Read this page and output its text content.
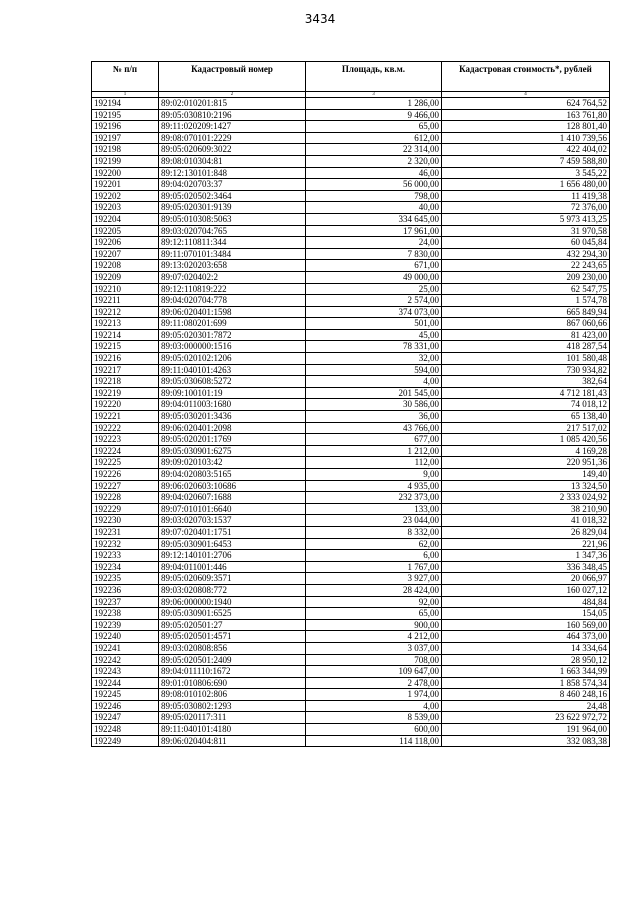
3434
№ п/п	Кадастровый номер	Площадь, кв.м.	Кадастровая стоимость*, рублей
1	2	3	4
192194	89:02:010201:815	1 286,00	624 764,52
192195	89:05:030810:2196	9 466,00	163 761,80
192196	89:11:020209:1427	65,00	128 801,40
192197	89:08:070101:2229	612,00	1 410 739,56
192198	89:05:020609:3022	22 314,00	422 404,02
192199	89:08:010304:81	2 320,00	7 459 588,80
192200	89:12:130101:848	46,00	3 545,22
192201	89:04:020703:37	56 000,00	1 656 480,00
192202	89:05:020502:3464	798,00	11 419,38
192203	89:05:020301:9139	40,00	72 376,00
192204	89:05:010308:5063	334 645,00	5 973 413,25
192205	89:03:020704:765	17 961,00	31 970,58
192206	89:12:110811:344	24,00	60 045,84
192207	89:11:070101:3484	7 830,00	432 294,30
192208	89:13:020203:658	671,00	22 243,65
192209	89:07:020402:2	49 000,00	209 230,00
192210	89:12:110819:222	25,00	62 547,75
192211	89:04:020704:778	2 574,00	1 574,78
192212	89:06:020401:1598	374 073,00	665 849,94
192213	89:11:080201:699	501,00	867 060,66
192214	89:05:020301:7872	45,00	81 423,00
192215	89:03:000000:1516	78 331,00	418 287,54
192216	89:05:020102:1206	32,00	101 580,48
192217	89:11:040101:4263	594,00	730 934,82
192218	89:05:030608:5272	4,00	382,64
192219	89:09:100101:19	201 545,00	4 712 181,43
192220	89:04:011003:1680	30 586,00	74 018,12
192221	89:05:030201:3436	36,00	65 138,40
192222	89:06:020401:2098	43 766,00	217 517,02
192223	89:05:020201:1769	677,00	1 085 420,56
192224	89:05:030901:6275	1 212,00	4 169,28
192225	89:09:020103:42	112,00	220 951,36
192226	89:04:020803:5165	9,00	149,40
192227	89:06:020603:10686	4 935,00	13 324,50
192228	89:04:020607:1688	232 373,00	2 333 024,92
192229	89:07:010101:6640	133,00	38 210,90
192230	89:03:020703:1537	23 044,00	41 018,32
192231	89:07:020401:1751	8 332,00	26 829,04
192232	89:05:030901:6453	62,00	221,96
192233	89:12:140101:2706	6,00	1 347,36
192234	89:04:011001:446	1 767,00	336 348,45
192235	89:05:020609:3571	3 927,00	20 066,97
192236	89:03:020808:772	28 424,00	160 027,12
192237	89:06:000000:1940	92,00	484,84
192238	89:05:030901:6525	65,00	154,05
192239	89:05:020501:27	900,00	160 569,00
192240	89:05:020501:4571	4 212,00	464 373,00
192241	89:03:020808:856	3 037,00	14 334,64
192242	89:05:020501:2409	708,00	28 950,12
192243	89:04:011110:1672	109 647,00	1 663 344,99
192244	89:01:010806:690	2 478,00	1 858 574,34
192245	89:08:010102:806	1 974,00	8 460 248,16
192246	89:05:030802:1293	4,00	24,48
192247	89:05:020117:311	8 539,00	23 622 972,72
192248	89:11:040101:4180	600,00	191 964,00
192249	89:06:020404:811	114 118,00	332 083,38
